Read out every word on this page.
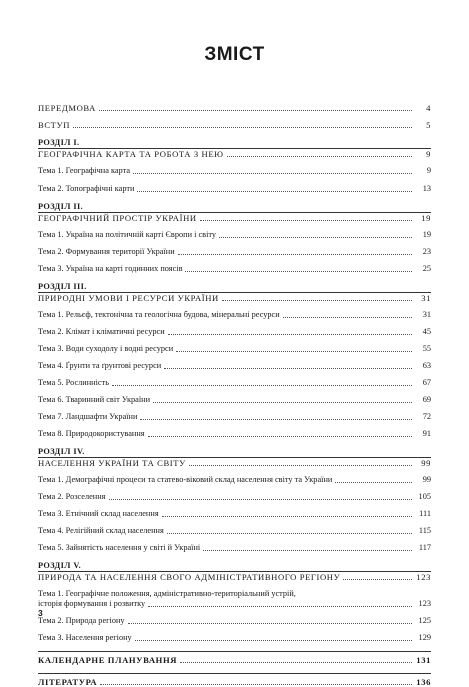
ЗМІСТ
ПЕРЕДМОВА	4
ВСТУП	5
РОЗДІЛ І.
ГЕОГРАФІЧНА КАРТА ТА РОБОТА З НЕЮ	9
Тема 1. Географічна карта	9
Тема 2. Топографічні карти	13
РОЗДІЛ ІІ.
ГЕОГРАФІЧНИЙ ПРОСТІР УКРАЇНИ	19
Тема 1. Україна на політичній карті Європи і світу	19
Тема 2. Формування території України	23
Тема 3. Україна на карті годинних поясів	25
РОЗДІЛ ІІІ.
ПРИРОДНІ УМОВИ І РЕСУРСИ УКРАЇНИ	31
Тема 1. Рельєф, тектонічна та геологічна будова, мінеральні ресурси	31
Тема 2. Клімат і кліматичні ресурси	45
Тема 3. Води суходолу і водні ресурси	55
Тема 4. Ґрунти та ґрунтові ресурси	63
Тема 5. Рослинність	67
Тема 6. Тваринний світ України	69
Тема 7. Ландшафти України	72
Тема 8. Природокористування	91
РОЗДІЛ IV.
НАСЕЛЕННЯ УКРАЇНИ ТА СВІТУ	99
Тема 1. Демографічні процеси та статево-віковий склад населення світу та України	99
Тема 2. Розселення	105
Тема 3. Етнічний склад населення	111
Тема 4. Релігійний склад населення	115
Тема 5. Зайнятість населення у світі й Україні	117
РОЗДІЛ V.
ПРИРОДА ТА НАСЕЛЕННЯ СВОГО АДМІНІСТРАТИВНОГО РЕГІОНУ	123
Тема 1. Географічне положення, адміністративно-територіальний устрій,
історія формування і розвитку	123
Тема 2. Природа регіону	125
Тема 3. Населення регіону	129
КАЛЕНДАРНЕ ПЛАНУВАННЯ	131
ЛІТЕРАТУРА	136
3
